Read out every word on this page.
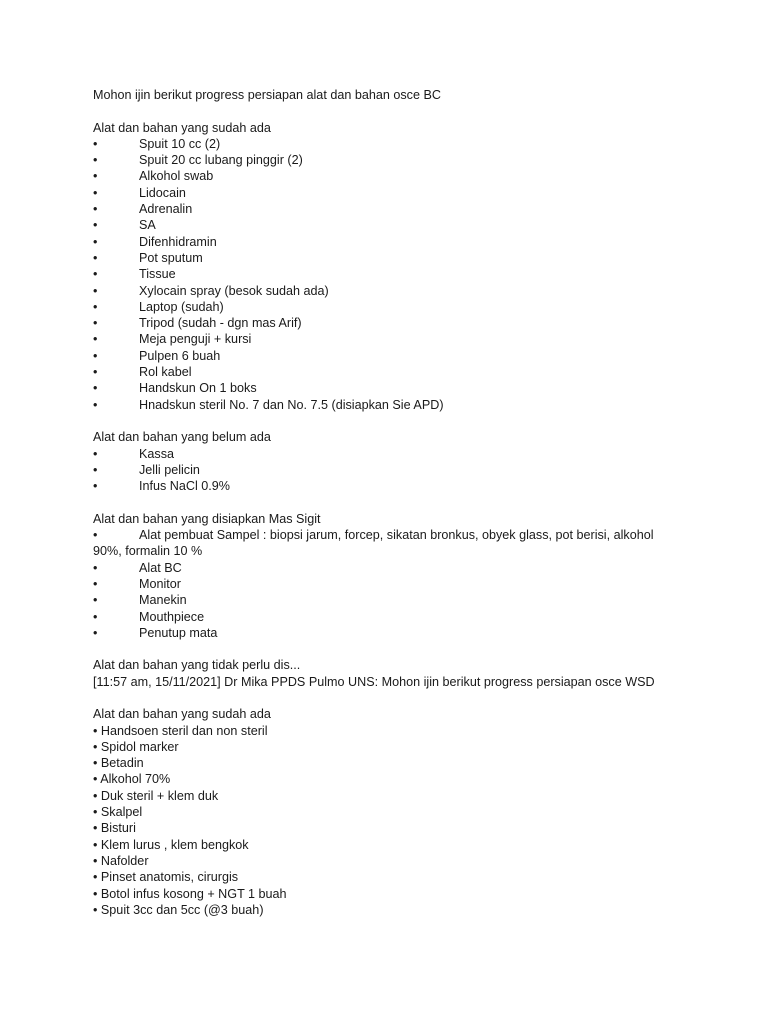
Mohon ijin berikut progress persiapan alat dan bahan osce BC
Alat dan bahan yang sudah ada
•	Spuit 10 cc (2)
•	Spuit 20 cc lubang pinggir (2)
•	Alkohol swab
•	Lidocain
•	Adrenalin
•	SA
•	Difenhidramin
•	Pot sputum
•	Tissue
•	Xylocain spray (besok sudah ada)
•	Laptop (sudah)
•	Tripod (sudah - dgn mas Arif)
•	Meja penguji + kursi
•	Pulpen 6 buah
•	Rol kabel
•	Handskun On 1 boks
•	Hnadskun steril No. 7 dan No. 7.5 (disiapkan Sie APD)
Alat dan bahan yang belum ada
•	Kassa
•	Jelli pelicin
•	Infus NaCl 0.9%
Alat dan bahan yang disiapkan Mas Sigit
•	Alat pembuat Sampel : biopsi jarum, forcep, sikatan bronkus, obyek glass, pot berisi, alkohol
90%, formalin 10 %
•	Alat BC
•	Monitor
•	Manekin
•	Mouthpiece
•	Penutup mata
Alat dan bahan yang tidak perlu dis...
[11:57 am, 15/11/2021] Dr Mika PPDS Pulmo UNS: Mohon ijin berikut progress persiapan osce WSD
Alat dan bahan yang sudah ada
• Handsoen steril dan non steril
• Spidol marker
• Betadin
• Alkohol 70%
• Duk steril + klem duk
• Skalpel
• Bisturi
• Klem lurus , klem bengkok
• Nafolder
• Pinset anatomis, cirurgis
• Botol infus kosong + NGT 1 buah
• Spuit 3cc dan 5cc (@3 buah)
